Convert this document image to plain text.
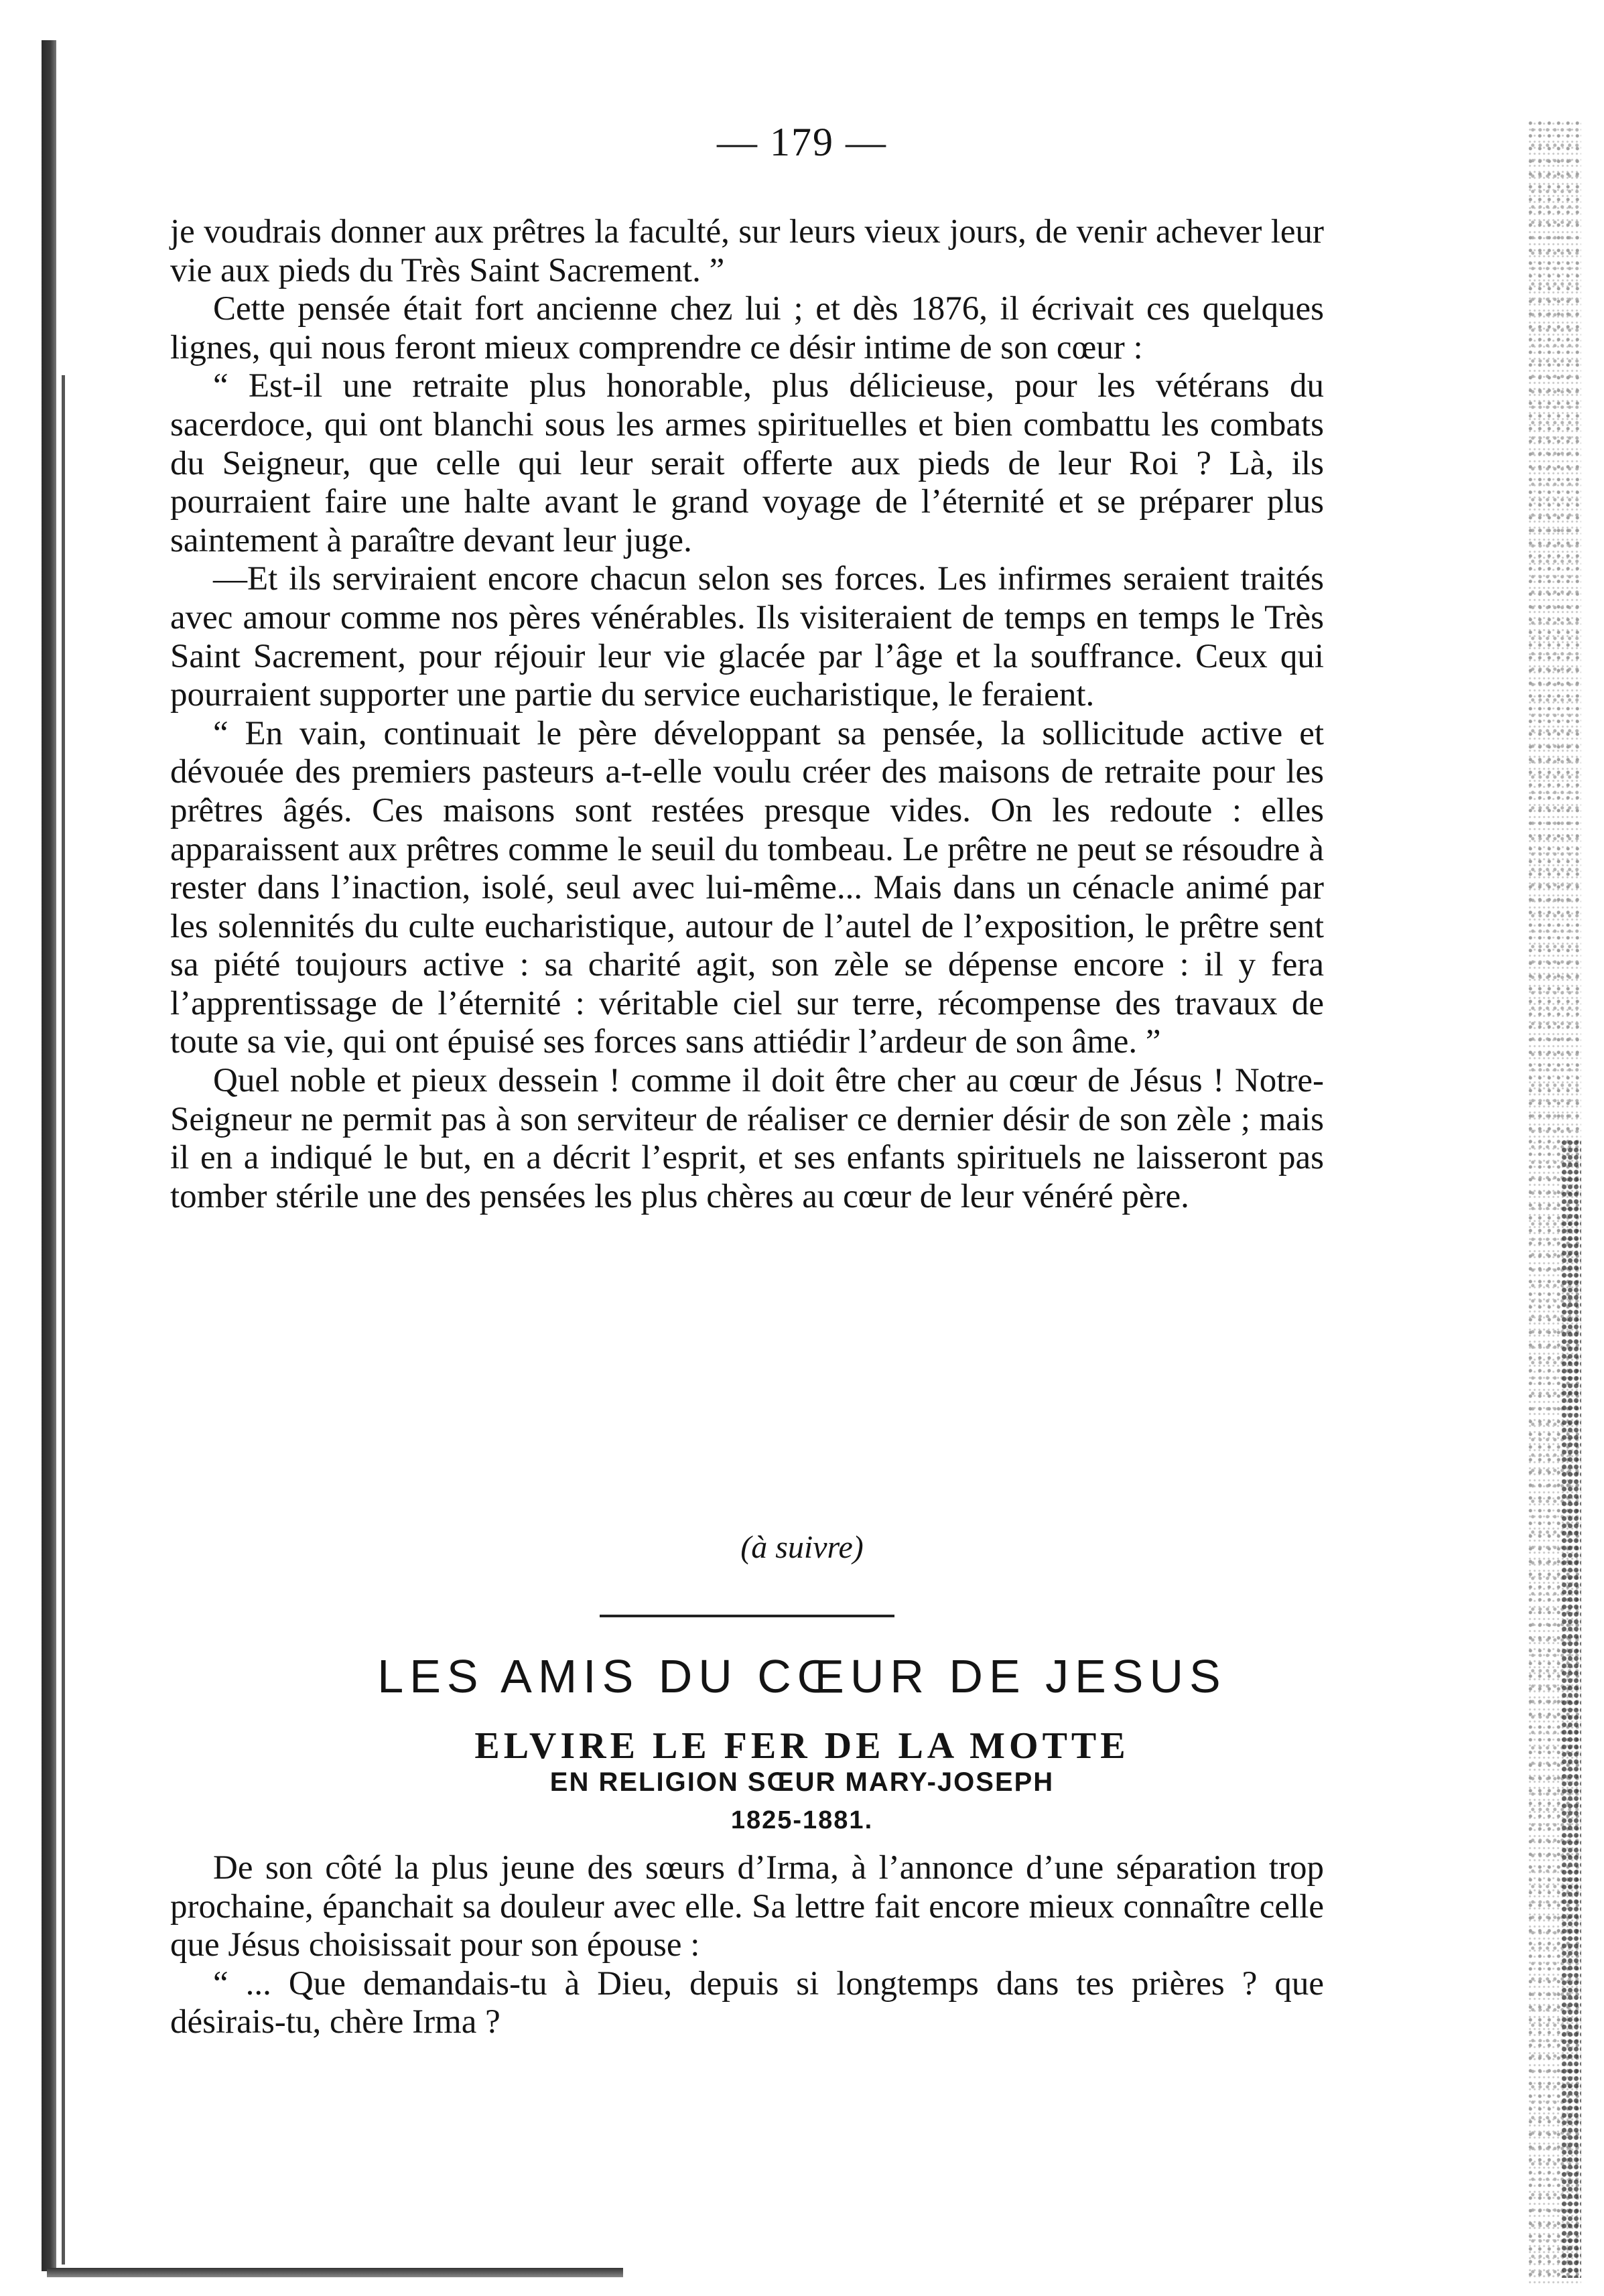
— 179 —

je voudrais donner aux prêtres la faculté, sur leurs vieux jours, de venir achever leur vie aux pieds du Très Saint Sacrement. ”

Cette pensée était fort ancienne chez lui ; et dès 1876, il écrivait ces quelques lignes, qui nous feront mieux comprendre ce désir intime de son cœur :

“ Est-il une retraite plus honorable, plus délicieuse, pour les vétérans du sacerdoce, qui ont blanchi sous les armes spirituelles et bien combattu les combats du Seigneur, que celle qui leur serait offerte aux pieds de leur Roi ? Là, ils pourraient faire une halte avant le grand voyage de l’éternité et se préparer plus saintement à paraître devant leur juge.

—Et ils serviraient encore chacun selon ses forces. Les infirmes seraient traités avec amour comme nos pères vénérables. Ils visiteraient de temps en temps le Très Saint Sacrement, pour réjouir leur vie glacée par l’âge et la souffrance. Ceux qui pourraient supporter une partie du service eucharistique, le feraient.

“ En vain, continuait le père développant sa pensée, la sollicitude active et dévouée des premiers pasteurs a-t-elle voulu créer des maisons de retraite pour les prêtres âgés. Ces maisons sont restées presque vides. On les redoute : elles apparaissent aux prêtres comme le seuil du tombeau. Le prêtre ne peut se résoudre à rester dans l’inaction, isolé, seul avec lui-même... Mais dans un cénacle animé par les solennités du culte eucharistique, autour de l’autel de l’exposition, le prêtre sent sa piété toujours active : sa charité agit, son zèle se dépense encore : il y fera l’apprentissage de l’éternité : véritable ciel sur terre, récompense des travaux de toute sa vie, qui ont épuisé ses forces sans attiédir l’ardeur de son âme. ”

Quel noble et pieux dessein ! comme il doit être cher au cœur de Jésus ! Notre-Seigneur ne permit pas à son serviteur de réaliser ce dernier désir de son zèle ; mais il en a indiqué le but, en a décrit l’esprit, et ses enfants spirituels ne laisseront pas tomber stérile une des pensées les plus chères au cœur de leur vénéré père.

(à suivre)
LES AMIS DU CŒUR DE JESUS
ELVIRE LE FER DE LA MOTTE
EN RELIGION SŒUR MARY-JOSEPH
1825-1881.

De son côté la plus jeune des sœurs d’Irma, à l’annonce d’une séparation trop prochaine, épanchait sa douleur avec elle. Sa lettre fait encore mieux connaître celle que Jésus choisissait pour son épouse :

“ ... Que demandais-tu à Dieu, depuis si longtemps dans tes prières ? que désirais-tu, chère Irma ?
